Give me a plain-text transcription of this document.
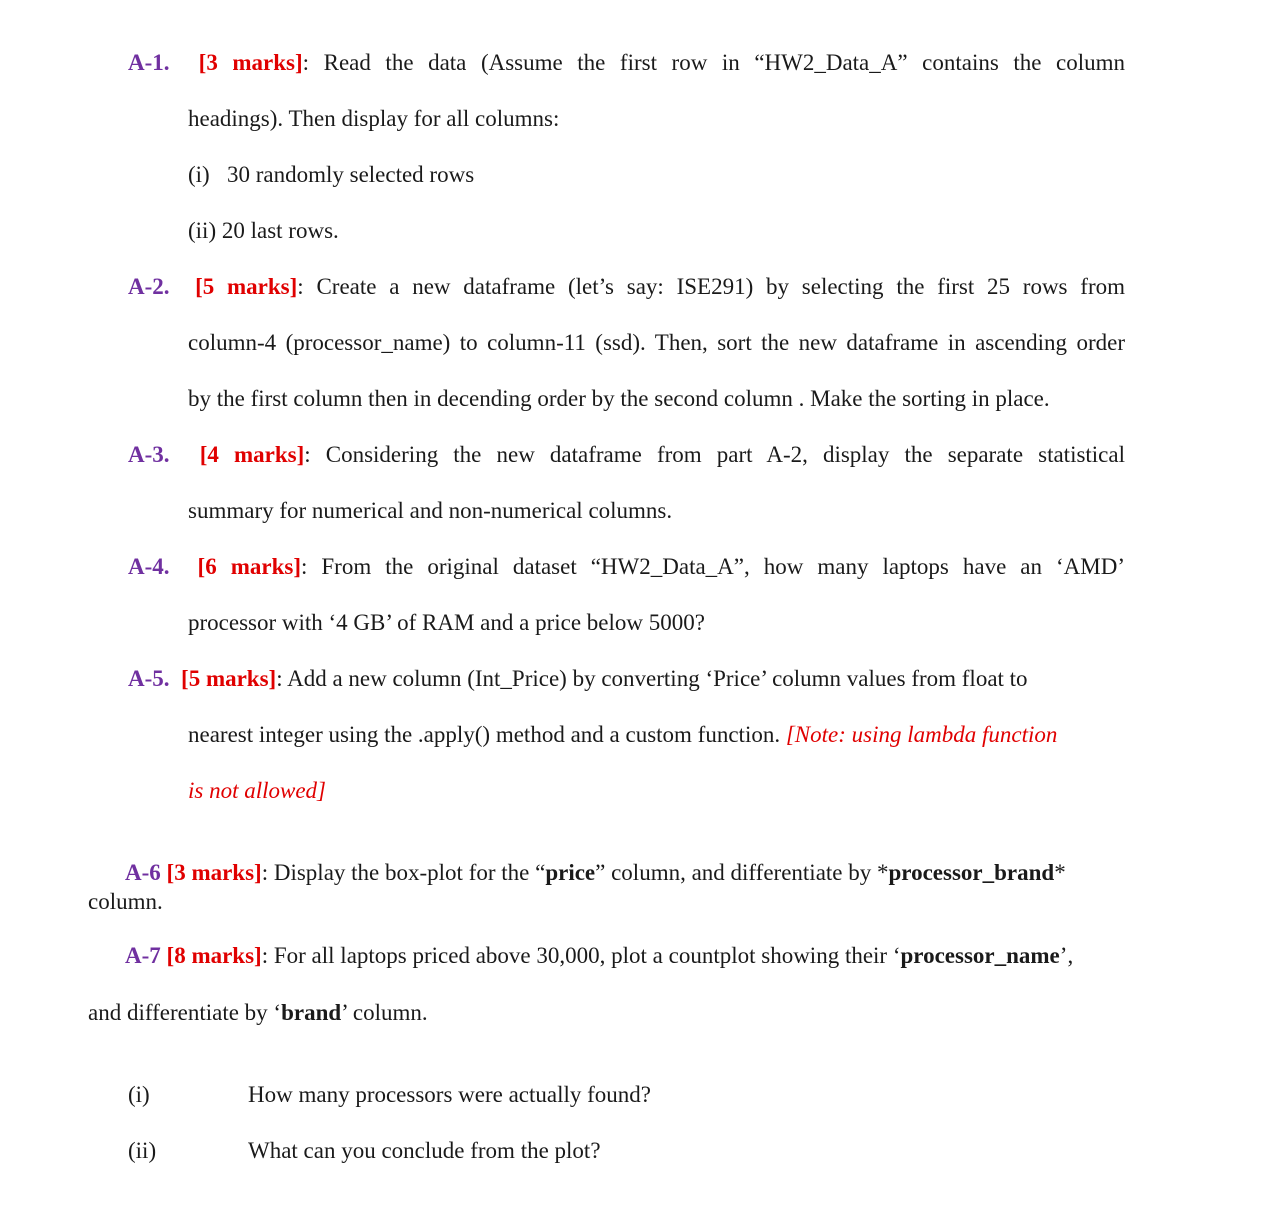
A-1. [3 marks]: Read the data (Assume the first row in “HW2_Data_A” contains the column
headings). Then display for all columns:
(i) 30 randomly selected rows
(ii) 20 last rows.
A-2. [5 marks]: Create a new dataframe (let’s say: ISE291) by selecting the first 25 rows from
column-4 (processor_name) to column-11 (ssd). Then, sort the new dataframe in ascending order
by the first column then in decending order by the second column . Make the sorting in place.
A-3. [4 marks]: Considering the new dataframe from part A-2, display the separate statistical
summary for numerical and non-numerical columns.
A-4. [6 marks]: From the original dataset “HW2_Data_A”, how many laptops have an ‘AMD’
processor with ‘4 GB’ of RAM and a price below 5000?
A-5. [5 marks]: Add a new column (Int_Price) by converting ‘Price’ column values from float to
nearest integer using the .apply() method and a custom function. [Note: using lambda function
is not allowed]
A-6 [3 marks]: Display the box-plot for the “price” column, and differentiate by *processor_brand*
column.
A-7 [8 marks]: For all laptops priced above 30,000, plot a countplot showing their ‘processor_name’,
and differentiate by ‘brand’ column.
(i)	How many processors were actually found?
(ii)	What can you conclude from the plot?
